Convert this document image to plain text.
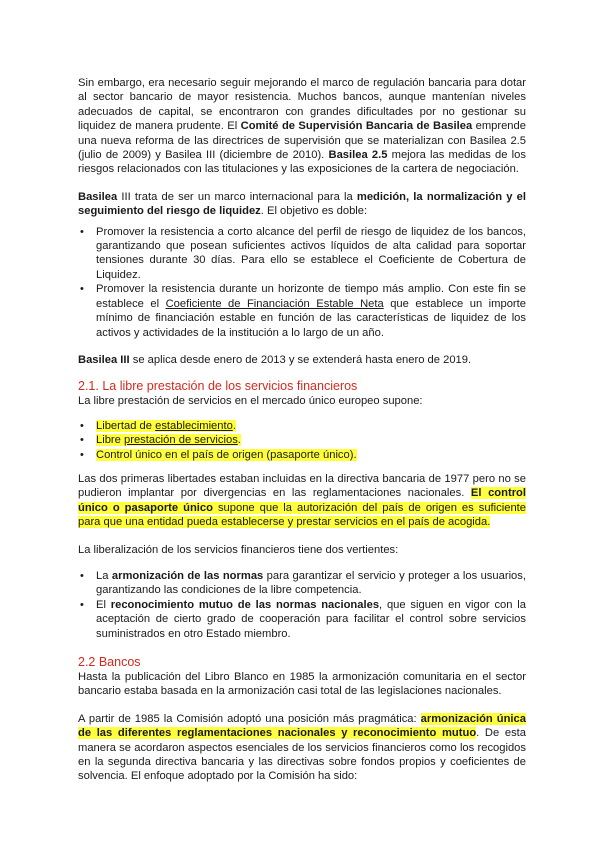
Sin embargo, era necesario seguir mejorando el marco de regulación bancaria para dotar al sector bancario de mayor resistencia. Muchos bancos, aunque mantenían niveles adecuados de capital, se encontraron con grandes dificultades por no gestionar su liquidez de manera prudente. El Comité de Supervisión Bancaria de Basilea emprende una nueva reforma de las directrices de supervisión que se materializan con Basilea 2.5 (julio de 2009) y Basilea III (diciembre de 2010). Basilea 2.5 mejora las medidas de los riesgos relacionados con las titulaciones y las exposiciones de la cartera de negociación.

Basilea III trata de ser un marco internacional para la medición, la normalización y el seguimiento del riesgo de liquidez. El objetivo es doble:

• Promover la resistencia a corto alcance del perfil de riesgo de liquidez de los bancos, garantizando que posean suficientes activos líquidos de alta calidad para soportar tensiones durante 30 días. Para ello se establece el Coeficiente de Cobertura de Liquidez.
• Promover la resistencia durante un horizonte de tiempo más amplio. Con este fin se establece el Coeficiente de Financiación Estable Neta que establece un importe mínimo de financiación estable en función de las características de liquidez de los activos y actividades de la institución a lo largo de un año.

Basilea III se aplica desde enero de 2013 y se extenderá hasta enero de 2019.

2.1. La libre prestación de los servicios financieros

La libre prestación de servicios en el mercado único europeo supone:

• Libertad de establecimiento.
• Libre prestación de servicios.
• Control único en el país de origen (pasaporte único).

Las dos primeras libertades estaban incluidas en la directiva bancaria de 1977 pero no se pudieron implantar por divergencias en las reglamentaciones nacionales. El control único o pasaporte único supone que la autorización del país de origen es suficiente para que una entidad pueda establecerse y prestar servicios en el país de acogida.

La liberalización de los servicios financieros tiene dos vertientes:

• La armonización de las normas para garantizar el servicio y proteger a los usuarios, garantizando las condiciones de la libre competencia.
• El reconocimiento mutuo de las normas nacionales, que siguen en vigor con la aceptación de cierto grado de cooperación para facilitar el control sobre servicios suministrados en otro Estado miembro.
2.2 Bancos

Hasta la publicación del Libro Blanco en 1985 la armonización comunitaria en el sector bancario estaba basada en la armonización casi total de las legislaciones nacionales.

A partir de 1985 la Comisión adoptó una posición más pragmática: armonización única de las diferentes reglamentaciones nacionales y reconocimiento mutuo. De esta manera se acordaron aspectos esenciales de los servicios financieros como los recogidos en la segunda directiva bancaria y las directivas sobre fondos propios y coeficientes de solvencia. El enfoque adoptado por la Comisión ha sido:
